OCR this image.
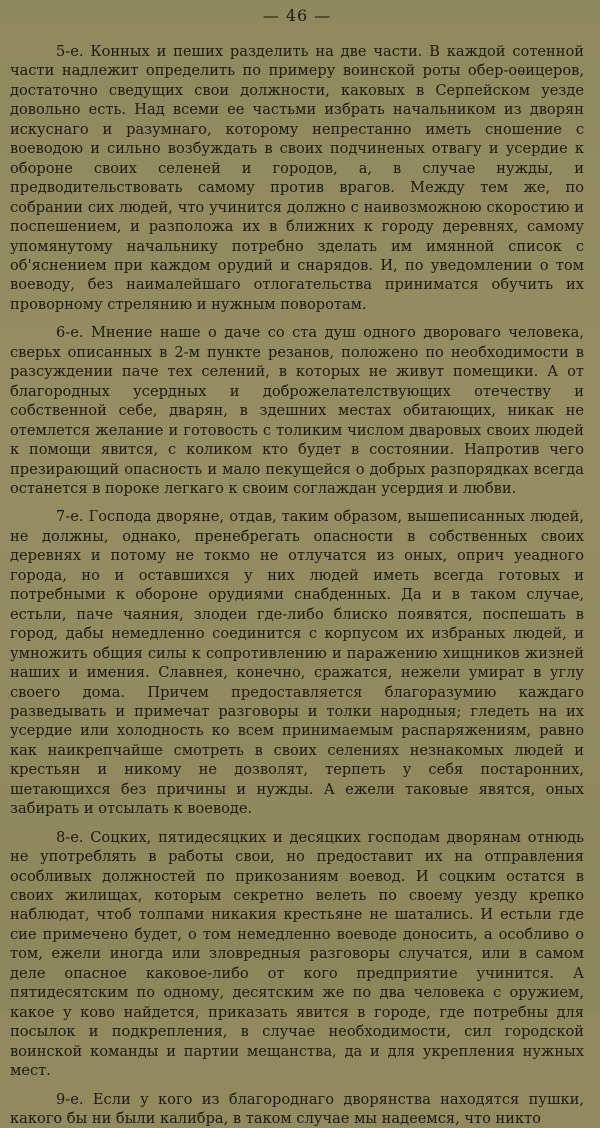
— 46 —

5-е. Конных и пеших разделить на две части. В каждой сотенной части надлежит определить по примеру воинской роты обер-оѳицеров, достаточно сведущих свои должности, каковых в Серпейском уезде довольно есть. Над всеми ее частьми избрать начальником из дворян искуснаго и разумнаго, которому непрестанно иметь сношение с воеводою и сильно возбуждать в своих подчиненых отвагу и усердие к обороне своих селеней и городов, а, в случае нужды, и предводительствовать самому против врагов. Между тем же, по собрании сих людей, что учинится должно с наивозможною скоростию и поспешением, и разположа их в ближних к городу деревнях, самому упомянутому начальнику потребно зделать им имянной список с об'яснением при каждом орудий и снарядов. И, по уведомлении о том воеводу, без наималейшаго отлогательства приниматся обучить их проворному стрелянию и нужным поворотам.

6-е. Мнение наше о даче со ста душ одного двороваго человека, сверьх описанных в 2-м пункте резанов, положено по необходимости в разсуждении паче тех селений, в которых не живут помещики. А от благородных усердных и доброжелателствующих отечеству и собственной себе, дварян, в здешних местах обитающих, никак не отемлется желание и готовость с толиким числом дваровых своих людей к помощи явится, с коликом кто будет в состоянии. Напротив чего презирающий опасность и мало пекущейся о добрых разпорядках всегда останется в пороке легкаго к своим соглаждан усердия и любви.

7-е. Господа дворяне, отдав, таким образом, вышеписанных людей, не должны, однако, пренебрегать опасности в собственных своих деревнях и потому не токмо не отлучатся из оных, оприч уеадного города, но и оставшихся у них людей иметь всегда готовых и потребными к обороне орудиями снабденных. Да и в таком случае, естьли, паче чаяния, злодеи где-либо блиско появятся, поспешать в город, дабы немедленно соединится с корпусом их избраных людей, и умножить общия силы к сопротивлению и паражению хищников жизней наших и имения. Славнея, конечно, сражатся, нежели умират в углу своего дома. Причем предоставляется благоразумию каждаго разведывать и примечат разговоры и толки народныя; гледеть на их усердие или холодность ко всем принимаемым распаряжениям, равно как наикрепчайше смотреть в своих селениях незнакомых людей и крестьян и никому не дозволят, терпеть у себя постаронних, шетающихся без причины и нужды. А ежели таковые явятся, оных забирать и отсылать к воеводе.

8-е. Соцких, пятидесяцких и десяцких господам дворянам отнюдь не употреблять в работы свои, но предоставит их на отправления особливых должностей по прикозаниям воевод. И соцким остатся в своих жилищах, которым секретно велеть по своему уезду крепко наблюдат, чтоб толпами никакия крестьяне не шатались. И естьли где сие примечено будет, о том немедленно воеводе доносить, а особливо о том, ежели иногда или зловредныя разговоры случатся, или в самом деле опасное каковое-либо от кого предприятие учинится. А пятидесятским по одному, десятским же по два человека с оружием, какое у ково найдется, приказать явится в городе, где потребны для посылок и подкрепления, в случае необходимости, сил городской воинской команды и партии мещанства, да и для укрепления нужных мест.

9-е. Если у кого из благороднаго дворянства находятся пушки, какого бы ни были калибра, в таком случае мы надеемся, что никто
